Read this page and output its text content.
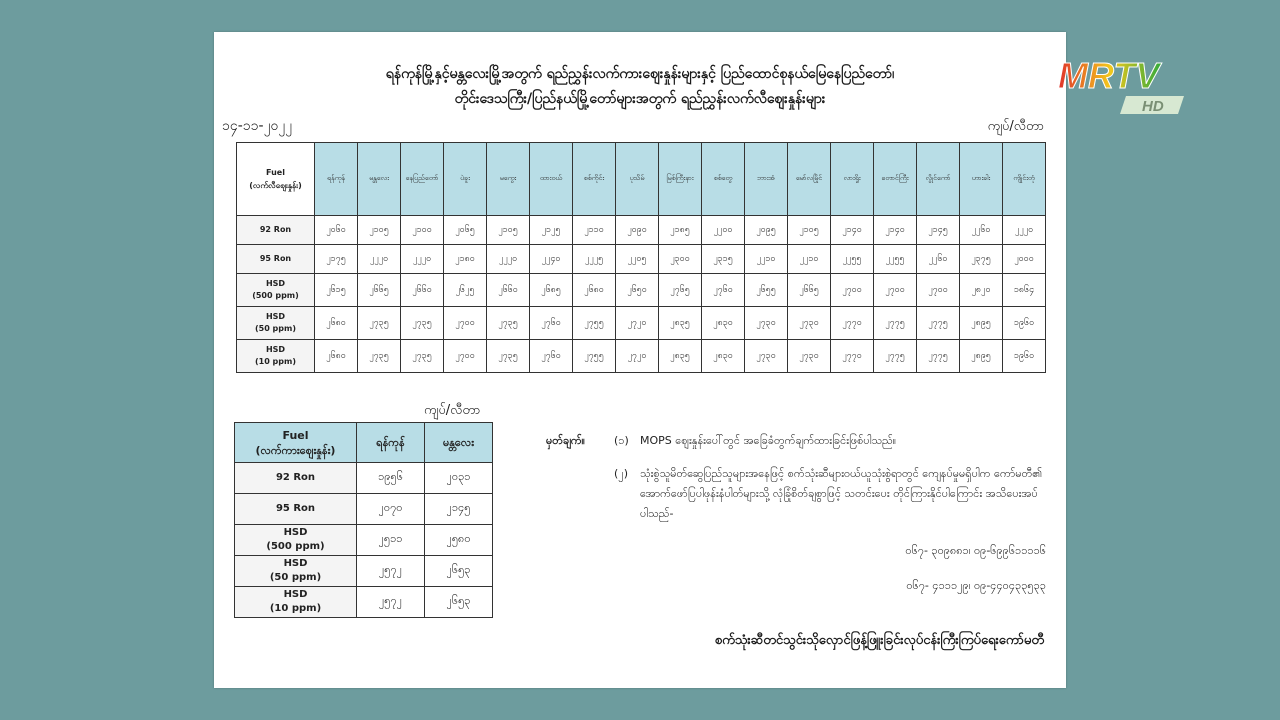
ရန်ကုန်မြို့နှင့်မန္တလေးမြို့အတွက် ရည်ညွှန်းလက်ကားဈေးနှုန်းများနှင့် ပြည်ထောင်စုနယ်မြေနေပြည်တော်၊
တိုင်းဒေသကြီး/ပြည်နယ်မြို့တော်များအတွက် ရည်ညွှန်းလက်လီဈေးနှုန်းများ
၁၄-၁၁-၂၀၂၂	ကျပ်/လီတာ
Fuel
(လက်လီဈေးနှုန်း)	ရန်ကုန်	မန္တလေး	နေပြည်တော်	ပဲခူး	မကွေး	ထားဝယ်	စစ်ကိုင်း	ပုသိမ်	မြစ်ကြီးနား	စစ်တွေ	ဘားအံ	မော်လမြိုင်	လားရှိုး	တောင်ကြီး	လွိုင်ကော်	ဟားခါး	ကျိုင်းတုံ

92 Ron	၂၀၆၀	၂၁၀၅	၂၁၀၀	၂၀၆၅	၂၁၀၅	၂၁၂၅	၂၁၁၀	၂၀၉၀	၂၁၈၅	၂၂၀၀	၂၀၉၅	၂၁၀၅	၂၁၄၀	၂၁၄၀	၂၁၄၅	၂၂၆၀	၂၂၂၀

95 Ron	၂၁၇၅	၂၂၂၀	၂၂၂၀	၂၁၈၀	၂၂၂၀	၂၂၄၀	၂၂၂၅	၂၂၀၅	၂၃၀၀	၂၃၁၅	၂၂၁၀	၂၂၁၀	၂၂၅၅	၂၂၅၅	၂၂၆၀	၂၃၇၅	၂၀၀၀

HSD
(500 ppm)	၂၆၁၅	၂၆၆၅	၂၆၆၀	၂၆၂၅	၂၆၆၀	၂၆၈၅	၂၆၈၀	၂၆၅၀	၂၇၆၅	၂၇၆၀	၂၆၅၅	၂၆၆၅	၂၇၀၀	၂၇၀၀	၂၇၀၀	၂၈၂၀	၁၈၆၄

HSD
(50 ppm)	၂၆၈၀	၂၇၃၅	၂၇၃၅	၂၇၀၀	၂၇၃၅	၂၇၆၀	၂၇၅၅	၂၇၂၀	၂၈၃၅	၂၈၃၀	၂၇၃၀	၂၇၃၀	၂၇၇၀	၂၇၇၅	၂၇၇၅	၂၈၉၅	၁၉၆၀

HSD
(10 ppm)	၂၆၈၀	၂၇၃၅	၂၇၃၅	၂၇၀၀	၂၇၃၅	၂၇၆၀	၂၇၅၅	၂၇၂၀	၂၈၃၅	၂၈၃၀	၂၇၃၀	၂၇၃၀	၂၇၇၀	၂၇၇၅	၂၇၇၅	၂၈၉၅	၁၉၆၀
ကျပ်/လီတာ
Fuel
(လက်ကားဈေးနှုန်း)	ရန်ကုန်	မန္တလေး

92 Ron	၁၉၅၆	၂၀၃၁

95 Ron	၂၀၇၀	၂၁၄၅

HSD
(500 ppm)	၂၅၁၁	၂၅၈၀

HSD
(50 ppm)	၂၅၇၂	၂၆၅၃

HSD
(10 ppm)	၂၅၇၂	၂၆၅၃
မှတ်ချက်။	(၁) MOPS ဈေးနှုန်းပေါ်တွင် အခြေခံတွက်ချက်ထားခြင်းဖြစ်ပါသည်။
(၂) သုံးစွဲသူမိတ်ဆွေပြည်သူများအနေဖြင့် စက်သုံးဆီများဝယ်ယူသုံးစွဲရာတွင် ကျေနပ်မှုမရှိပါက ကော်မတီ၏ အောက်ဖော်ပြပါဖုန်းနံပါတ်များသို့ လုံခြုံစိတ်ချစွာဖြင့် သတင်းပေး တိုင်ကြားနိုင်ပါကြောင်း အသိပေးအပ်ပါသည်-
၀၆၇- ၃၀၉၈၈၁၊ ၀၉-၆၉၉၆၁၁၁၁၆
၀၆၇- ၄၁၁၁၂၉၊ ၀၉-၄၄၀၄၃၃၅၃၃
စက်သုံးဆီတင်သွင်းသိုလှောင်ဖြန့်ဖြူးခြင်းလုပ်ငန်းကြီးကြပ်ရေးကော်မတီ
MRTV
HD
